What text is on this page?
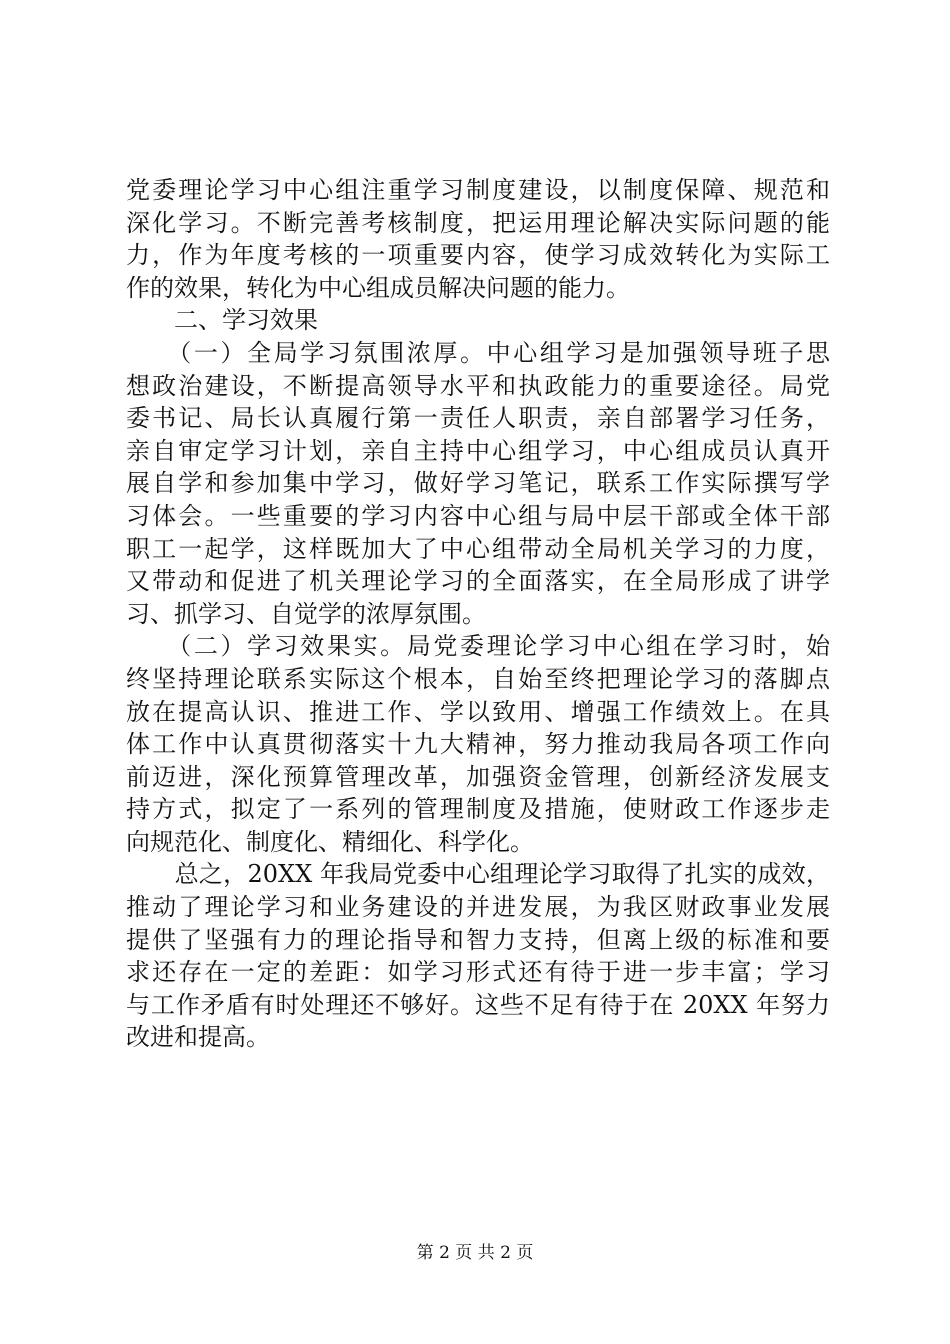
党委理论学习中心组注重学习制度建设，以制度保障、规范和
深化学习。不断完善考核制度，把运用理论解决实际问题的能
力，作为年度考核的一项重要内容，使学习成效转化为实际工
作的效果，转化为中心组成员解决问题的能力。
　　二、学习效果
　　（一）全局学习氛围浓厚。中心组学习是加强领导班子思
想政治建设，不断提高领导水平和执政能力的重要途径。局党
委书记、局长认真履行第一责任人职责，亲自部署学习任务，
亲自审定学习计划，亲自主持中心组学习，中心组成员认真开
展自学和参加集中学习，做好学习笔记，联系工作实际撰写学
习体会。一些重要的学习内容中心组与局中层干部或全体干部
职工一起学，这样既加大了中心组带动全局机关学习的力度，
又带动和促进了机关理论学习的全面落实，在全局形成了讲学
习、抓学习、自觉学的浓厚氛围。
　　（二）学习效果实。局党委理论学习中心组在学习时，始
终坚持理论联系实际这个根本，自始至终把理论学习的落脚点
放在提高认识、推进工作、学以致用、增强工作绩效上。在具
体工作中认真贯彻落实十九大精神，努力推动我局各项工作向
前迈进，深化预算管理改革，加强资金管理，创新经济发展支
持方式，拟定了一系列的管理制度及措施，使财政工作逐步走
向规范化、制度化、精细化、科学化。
　　总之，20XX 年我局党委中心组理论学习取得了扎实的成效，
推动了理论学习和业务建设的并进发展，为我区财政事业发展
提供了坚强有力的理论指导和智力支持，但离上级的标准和要
求还存在一定的差距：如学习形式还有待于进一步丰富；学习
与工作矛盾有时处理还不够好。这些不足有待于在 20XX 年努力
改进和提高。
第 2 页 共 2 页
